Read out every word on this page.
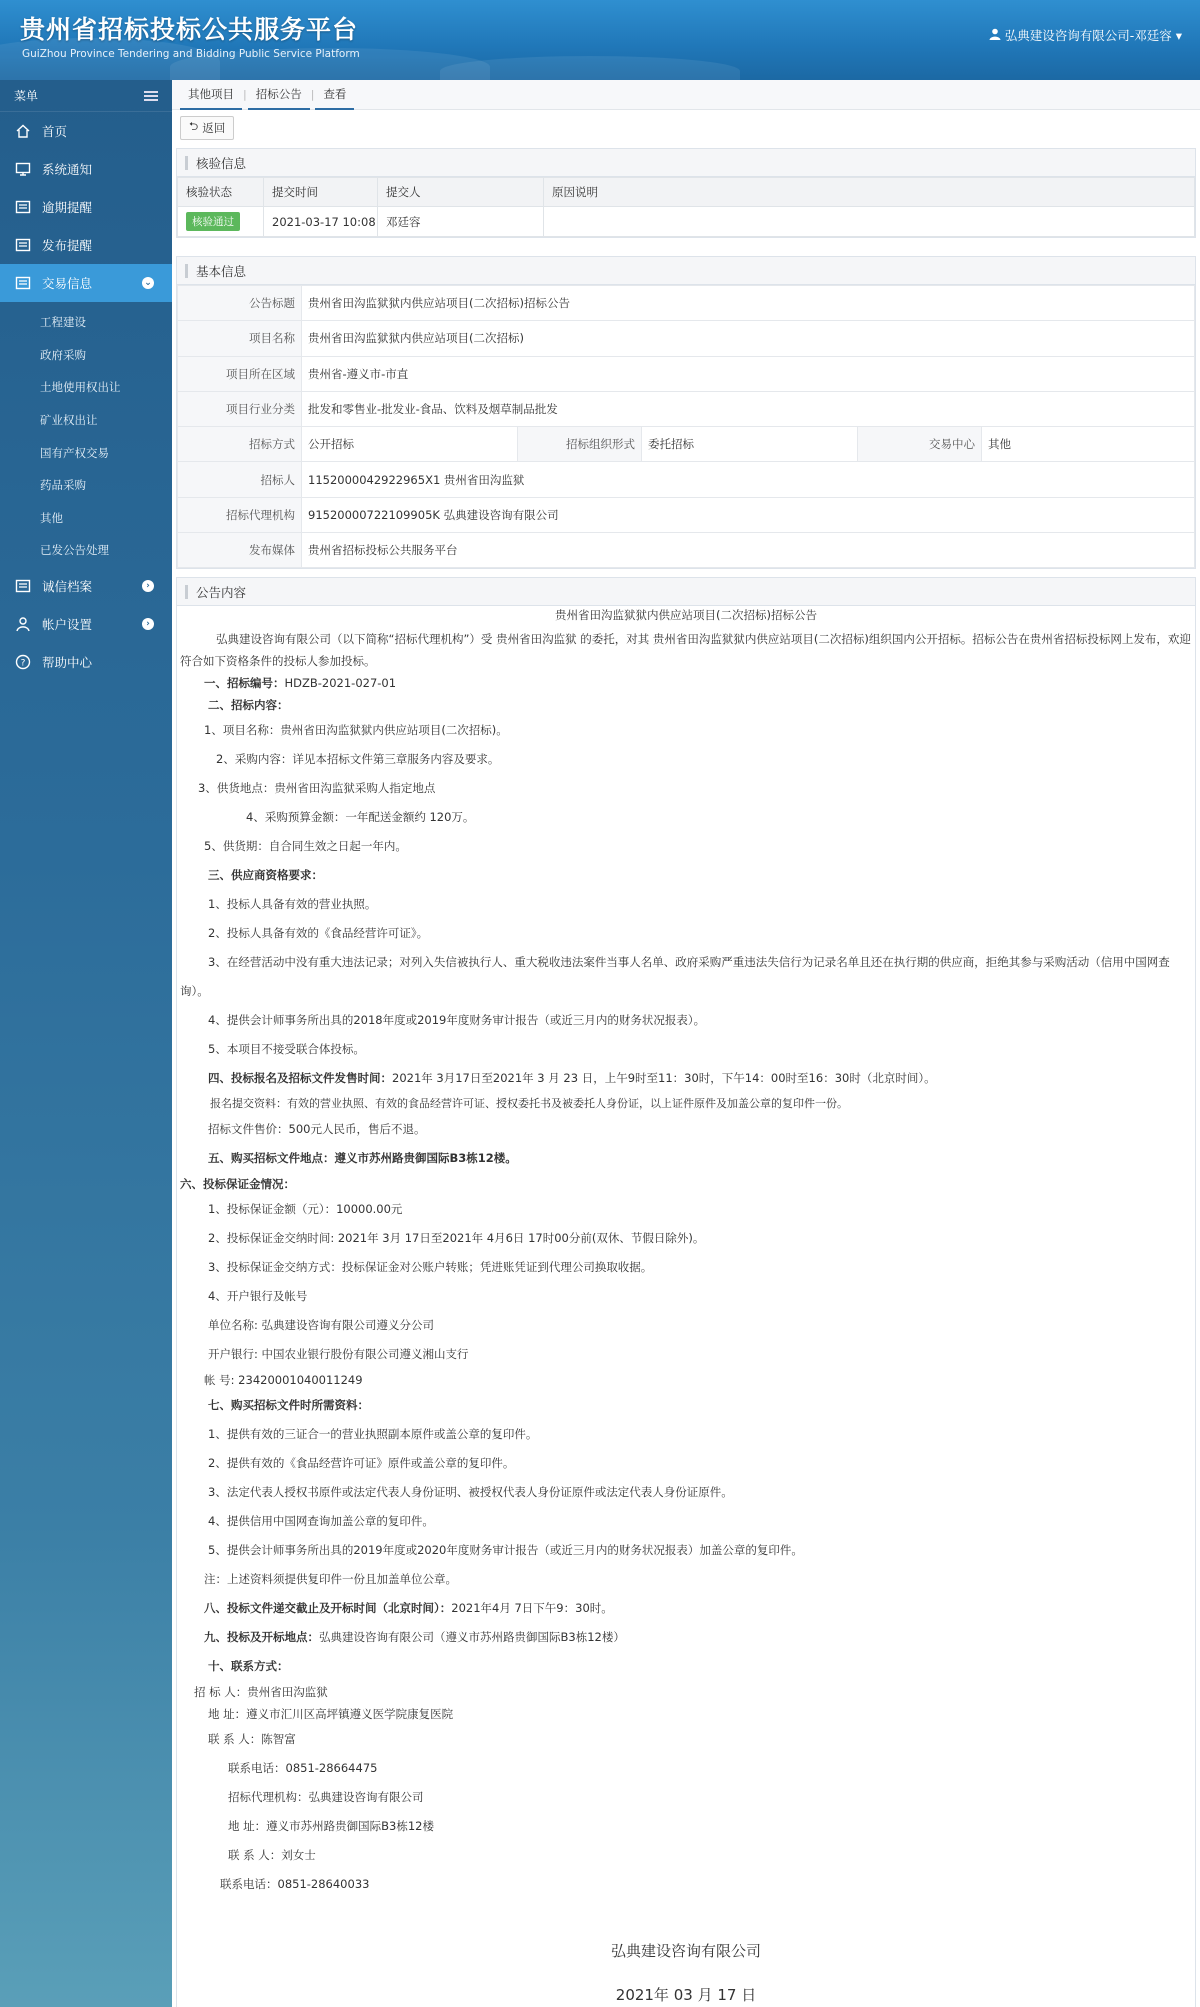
贵州省招标投标公共服务平台
GuiZhou Province Tendering and Bidding Public Service Platform
弘典建设咨询有限公司-邓廷容 ▾
菜单
首页
系统通知
逾期提醒
发布提醒
交易信息	⌄
工程建设
政府采购
土地使用权出让
矿业权出让
国有产权交易
药品采购
其他
已发公告处理
诚信档案	›
帐户设置	›
? 帮助中心
其他项目 | 招标公告 | 查看
⮌ 返回
核验信息
核验状态	提交时间	提交人	原因说明
核验通过	2021-03-17 10:08	邓廷容	
基本信息
公告标题	贵州省田沟监狱狱内供应站项目(二次招标)招标公告				
项目名称	贵州省田沟监狱狱内供应站项目(二次招标)				
项目所在区域	贵州省-遵义市-市直				
项目行业分类	批发和零售业-批发业-食品、饮料及烟草制品批发				
招标方式	公开招标	招标组织形式	委托招标	交易中心	其他
招标人	115200004292296​5X1 贵州省田沟监狱				
招标代理机构	91520000722109905K 弘典建设咨询有限公司				
发布媒体	贵州省招标投标公共服务平台				
公告内容

贵州省田沟监狱狱内供应站项目(二次招标)招标公告

弘典建设咨询有限公司（以下简称“招标代理机构”）受 贵州省田沟监狱 的委托，对其 贵州省田沟监狱狱内供应站项目(二次招标)组织国内公开招标。招标公告在贵州省招标投标网上发布，欢迎符合如下资格条件的投标人参加投标。

一、招标编号：HDZB-2021-027-01

二、招标内容：

1、项目名称：贵州省田沟监狱狱内供应站项目(二次招标)。

2、采购内容：详见本招标文件第三章服务内容及要求。

3、供货地点：贵州省田沟监狱采购人指定地点

4、采购预算金额：一年配送金额约 120万。

5、供货期：自合同生效之日起一年内。

三、供应商资格要求：

1、投标人具备有效的营业执照。

2、投标人具备有效的《食品经营许可证》。

3、在经营活动中没有重大违法记录；对列入失信被执行人、重大税收违法案件当事人名单、政府采购严重违法失信行为记录名单且还在执行期的供应商，拒绝其参与采购活动（信用中国网查询）。

4、提供会计师事务所出具的2018年度或2019年度财务审计报告（或近三月内的财务状况报表）。

5、本项目不接受联合体投标。

四、投标报名及招标文件发售时间：2021年 3月17日至2021年 3 月 23 日，上午9时至11：30时，下午14：00时至16：30时（北京时间）。

报名提交资料：有效的营业执照、有效的食品经营许可证、授权委托书及被委托人身份证，以上证件原件及加盖公章的复印件一份。

招标文件售价：500元人民币，售后不退。

五、购买招标文件地点：遵义市苏州路贵御国际B3栋12楼。

六、投标保证金情况：

1、投标保证金额（元）：10000.00元

2、投标保证金交纳时间: 2021年 3月 17日至2021年 4月6日 17时00分前(双休、节假日除外)。

3、投标保证金交纳方式：投标保证金对公账户转账；凭进账凭证到代理公司换取收据。

4、开户银行及帐号

单位名称: 弘典建设咨询有限公司遵义分公司

开户银行: 中国农业银行股份有限公司遵义湘山支行

帐 号: 23420001040011249

七、购买招标文件时所需资料：

1、提供有效的三证合一的营业执照副本原件或盖公章的复印件。

2、提供有效的《食品经营许可证》原件或盖公章的复印件。

3、法定代表人授权书原件或法定代表人身份证明、被授权代表人身份证原件或法定代表人身份证原件。

4、提供信用中国网查询加盖公章的复印件。

5、提供会计师事务所出具的2019年度或2020年度财务审计报告（或近三月内的财务状况报表）加盖公章的复印件。

注：上述资料须提供复印件一份且加盖单位公章。

八、投标文件递交截止及开标时间（北京时间）：2021年4月 7日下午9：30时。

九、投标及开标地点：弘典建设咨询有限公司（遵义市苏州路贵御国际B3栋12楼）

十、联系方式：

招 标 人：贵州省田沟监狱

地 址：遵义市汇川区高坪镇遵义医学院康复医院

联 系 人：陈智富

联系电话：0851-28664475

招标代理机构：弘典建设咨询有限公司

地 址：遵义市苏州路贵御国际B3栋12楼

联 系 人：刘女士

联系电话：0851-28640033

弘典建设咨询有限公司

2021年 03 月 17 日
